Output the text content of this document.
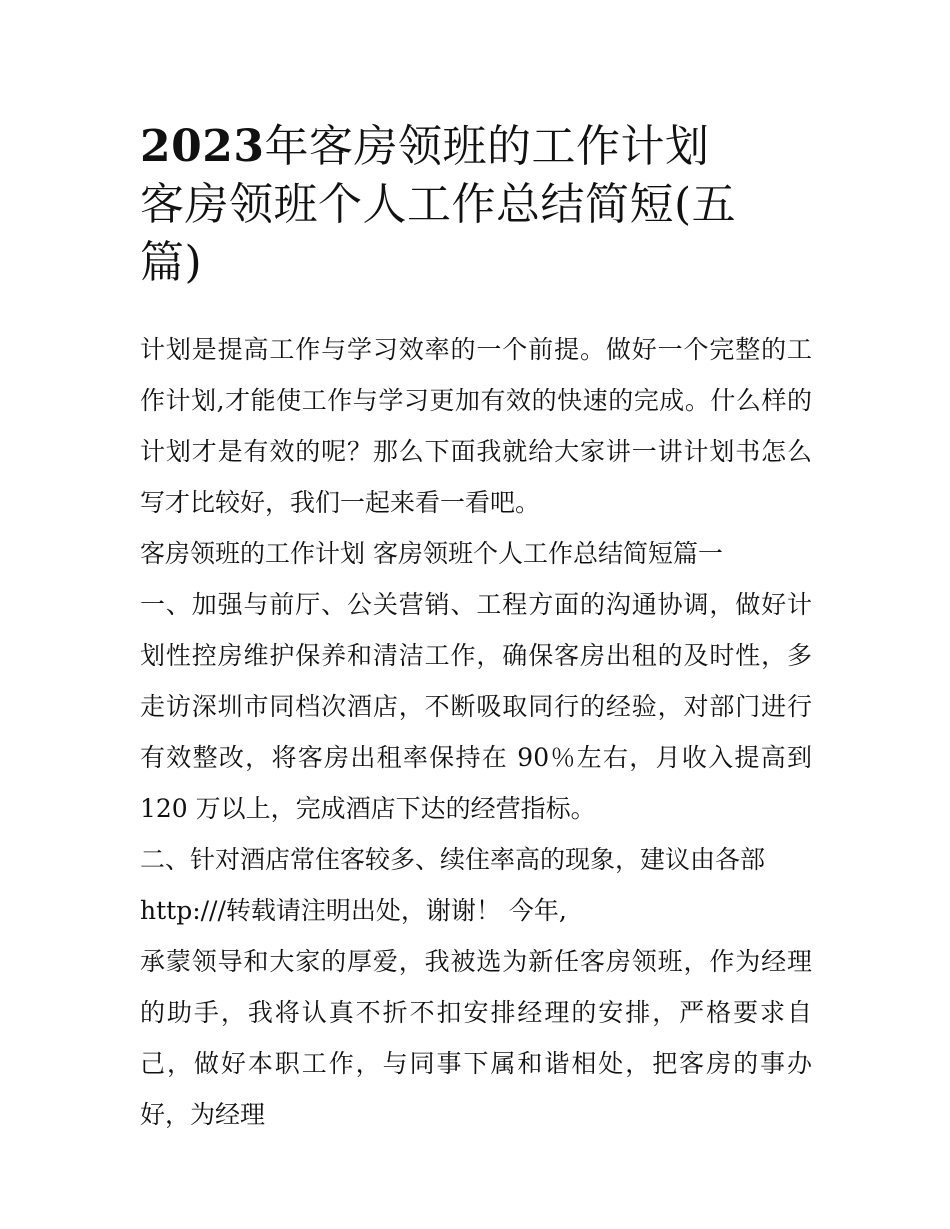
2023年客房领班的工作计划
客房领班个人工作总结简短(五
篇)

计划是提高工作与学习效率的一个前提。做好一个完整的工作计划,才能使工作与学习更加有效的快速的完成。什么样的计划才是有效的呢？那么下面我就给大家讲一讲计划书怎么写才比较好，我们一起来看一看吧。

客房领班的工作计划 客房领班个人工作总结简短篇一

一、加强与前厅、公关营销、工程方面的沟通协调，做好计划性控房维护保养和清洁工作，确保客房出租的及时性，多走访深圳市同档次酒店，不断吸取同行的经验，对部门进行有效整改，将客房出租率保持在 90％左右，月收入提高到 120 万以上，完成酒店下达的经营指标。

二、针对酒店常住客较多、续住率高的现象，建议由各部

http:///转载请注明出处，谢谢！ 今年,

承蒙领导和大家的厚爱，我被选为新任客房领班，作为经理的助手，我将认真不折不扣安排经理的安排，严格要求自己，做好本职工作，与同事下属和谐相处，把客房的事办好，为经理
